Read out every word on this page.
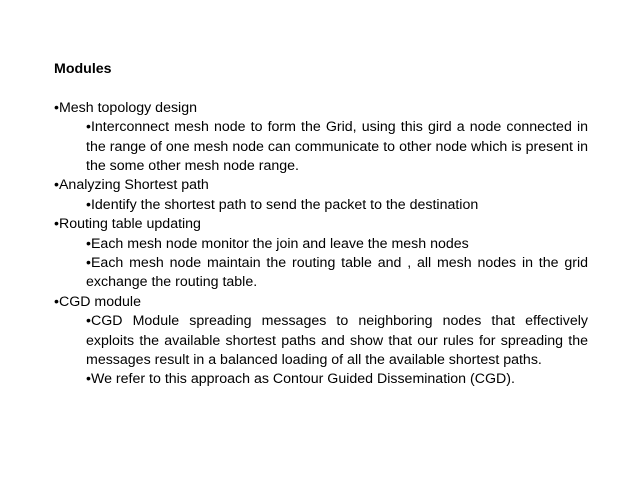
Modules

•Mesh topology design

•Interconnect mesh node to form the Grid, using this gird a node connected in the range of one mesh node can communicate to other node which is present in the some other mesh node range.

•Analyzing Shortest path

•Identify the shortest path to send the packet to the destination

•Routing table updating

•Each mesh node monitor the join and leave the mesh nodes

•Each mesh node maintain the routing table and , all mesh nodes in the grid exchange the routing table.

•CGD module

•CGD Module spreading messages to neighboring nodes that effectively exploits the available shortest paths and show that our rules for spreading the messages result in a balanced loading of all the available shortest paths.

•We refer to this approach as Contour Guided Dissemination (CGD).
